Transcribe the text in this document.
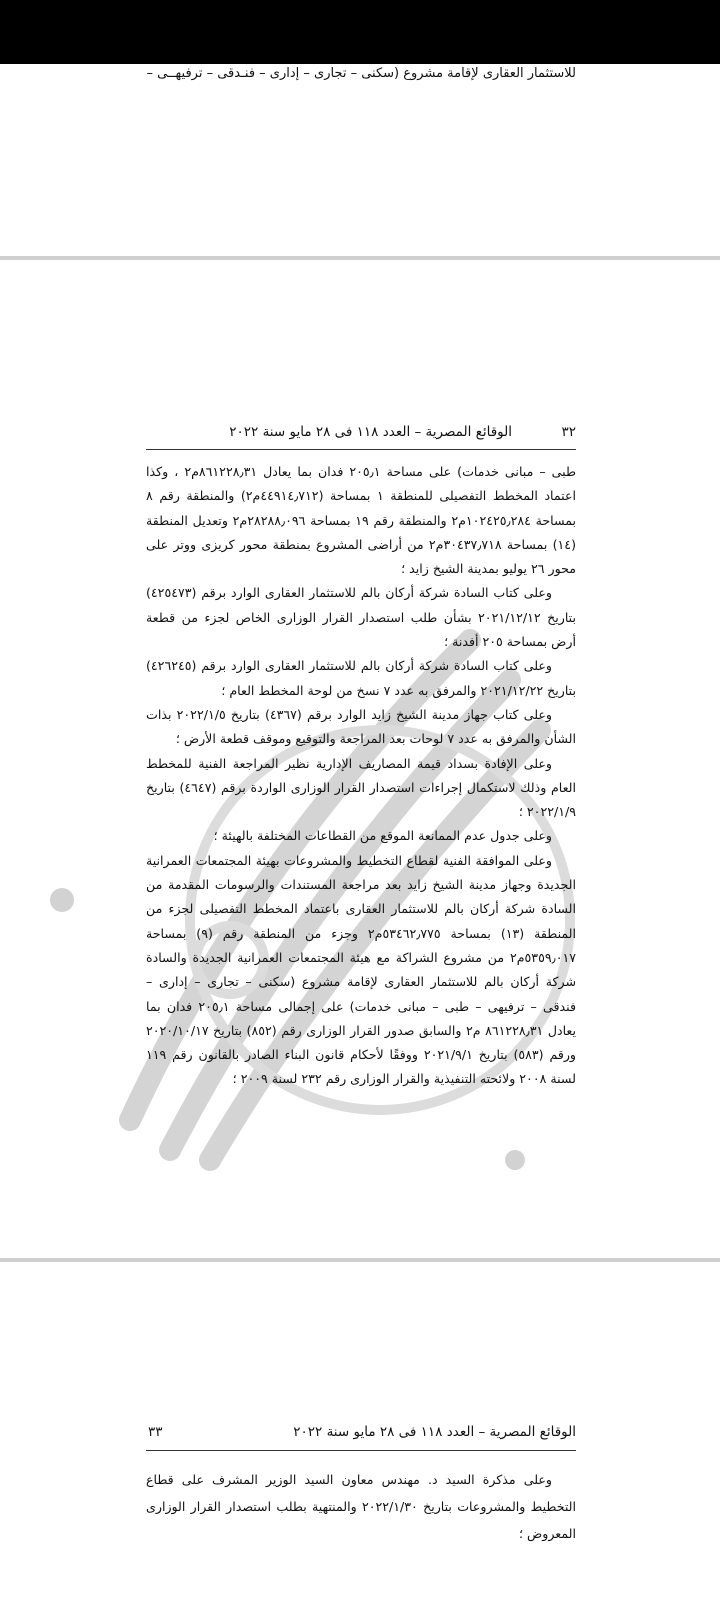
للاستثمار العقارى لإقامة مشروع (سكنى – تجارى – إدارى – فنـدقى – ترفيهــى –
٣٢
الوقائع المصرية – العدد ١١٨ فى ٢٨ مايو سنة ٢٠٢٢

طبى – مبانى خدمات) على مساحة ٢٠٥٫١ فدان بما يعادل ٨٦١٢٢٨٫٣١م٢ ، وكذا اعتماد المخطط التفصيلى للمنطقة ١ بمساحة (٤٤٩١٤٫٧١٢م٢) والمنطقة رقم ٨ بمساحة ١٠٢٤٢٥٫٢٨٤م٢ والمنطقة رقم ١٩ بمساحة ٢٨٢٨٨٫٠٩٦م٢ وتعديل المنطقة (١٤) بمساحة ٣٠٤٣٧٫٧١٨م٢ من أراضى المشروع بمنطقة محور كريزى ووتر على محور ٢٦ يوليو بمدينة الشيخ زايد ؛

وعلى كتاب السادة شركة أركان بالم للاستثمار العقارى الوارد برقم (٤٢٥٤٧٣) بتاريخ ٢٠٢١/١٢/١٢ بشأن طلب استصدار القرار الوزارى الخاص لجزء من قطعة أرض بمساحة ٢٠٥ أفدنة ؛

وعلى كتاب السادة شركة أركان بالم للاستثمار العقارى الوارد برقم (٤٢٦٢٤٥) بتاريخ ٢٠٢١/١٢/٢٢ والمرفق به عدد ٧ نسخ من لوحة المخطط العام ؛

وعلى كتاب جهاز مدينة الشيخ زايد الوارد برقم (٤٣٦٧) بتاريخ ٢٠٢٢/١/٥ بذات الشأن والمرفق به عدد ٧ لوحات بعد المراجعة والتوقيع وموقف قطعة الأرض ؛

وعلى الإفادة بسداد قيمة المصاريف الإدارية نظير المراجعة الفنية للمخطط العام وذلك لاستكمال إجراءات استصدار القرار الوزارى الواردة برقم (٤٦٤٧) بتاريخ ٢٠٢٢/١/٩ ؛

وعلى جدول عدم الممانعة الموقع من القطاعات المختلفة بالهيئة ؛

وعلى الموافقة الفنية لقطاع التخطيط والمشروعات بهيئة المجتمعات العمرانية الجديدة وجهاز مدينة الشيخ زايد بعد مراجعة المستندات والرسومات المقدمة من السادة شركة أركان بالم للاستثمار العقارى باعتماد المخطط التفصيلى لجزء من المنطقة (١٣) بمساحة ٥٣٤٦٢٫٧٧٥م٢ وجزء من المنطقة رقم (٩) بمساحة ٥٣٥٩٫٠١٧م٢ من مشروع الشراكة مع هيئة المجتمعات العمرانية الجديدة والسادة شركة أركان بالم للاستثمار العقارى لإقامة مشروع (سكنى – تجارى – إدارى – فندقى – ترفيهى – طبى – مبانى خدمات) على إجمالى مساحة ٢٠٥٫١ فدان بما يعادل ٨٦١٢٢٨٫٣١ م٢ والسابق صدور القرار الوزارى رقم (٨٥٢) بتاريخ ٢٠٢٠/١٠/١٧ ورقم (٥٨٣) بتاريخ ٢٠٢١/٩/١ ووفقًا لأحكام قانون البناء الصادر بالقانون رقم ١١٩ لسنة ٢٠٠٨ ولائحته التنفيذية والقرار الوزارى رقم ٢٣٢ لسنة ٢٠٠٩ ؛

٣٣	الوقائع المصرية – العدد ١١٨ فى ٢٨ مايو سنة ٢٠٢٢

وعلى مذكرة السيد د. مهندس معاون السيد الوزير المشرف على قطاع التخطيط والمشروعات بتاريخ ٢٠٢٢/١/٣٠ والمنتهية بطلب استصدار القرار الوزارى المعروض ؛
